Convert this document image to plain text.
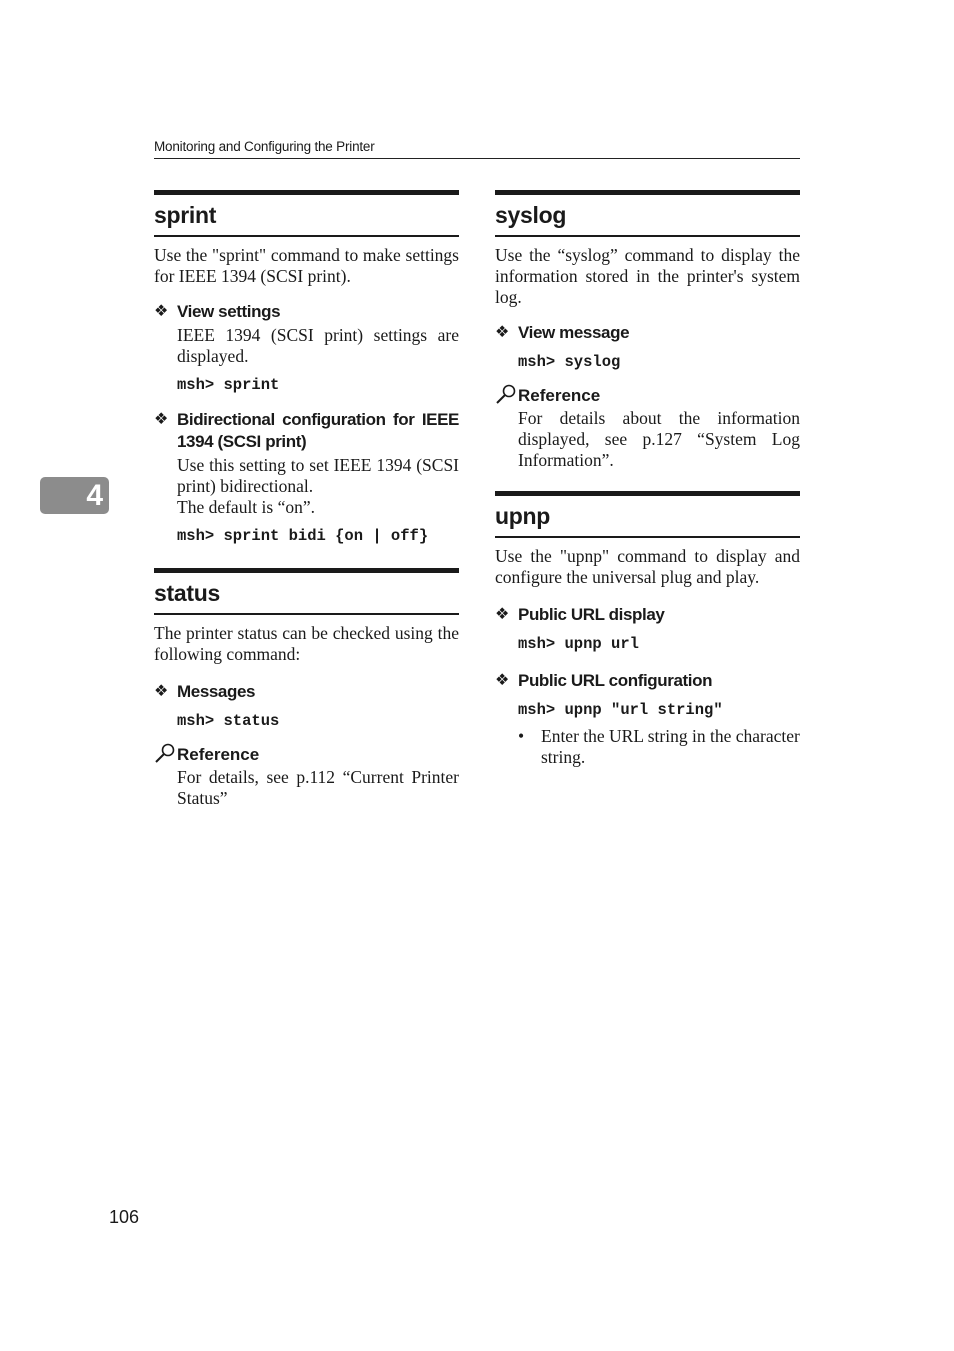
Monitoring and Configuring the Printer
4
sprint

Use the "sprint" command to make settings for IEEE 1394 (SCSI print).

❖ View settings
IEEE 1394 (SCSI print) settings are displayed.
msh> sprint
❖ Bidirectional configuration for IEEE 1394 (SCSI print)
Use this setting to set IEEE 1394 (SCSI print) bidirectional.
The default is “on”.
msh> sprint bidi {on | off}
status

The printer status can be checked using the following command:

❖ Messages
msh> status
Reference
For details, see p.112 “Current Printer Status”
syslog

Use the “syslog” command to display the information stored in the printer's system log.

❖ View message
msh> syslog
Reference
For details about the information displayed, see p.127 “System Log Information”.
upnp

Use the "upnp" command to display and configure the universal plug and play.

❖ Public URL display
msh> upnp url
❖ Public URL configuration
msh> upnp "url string"
• Enter the URL string in the character string.
106
